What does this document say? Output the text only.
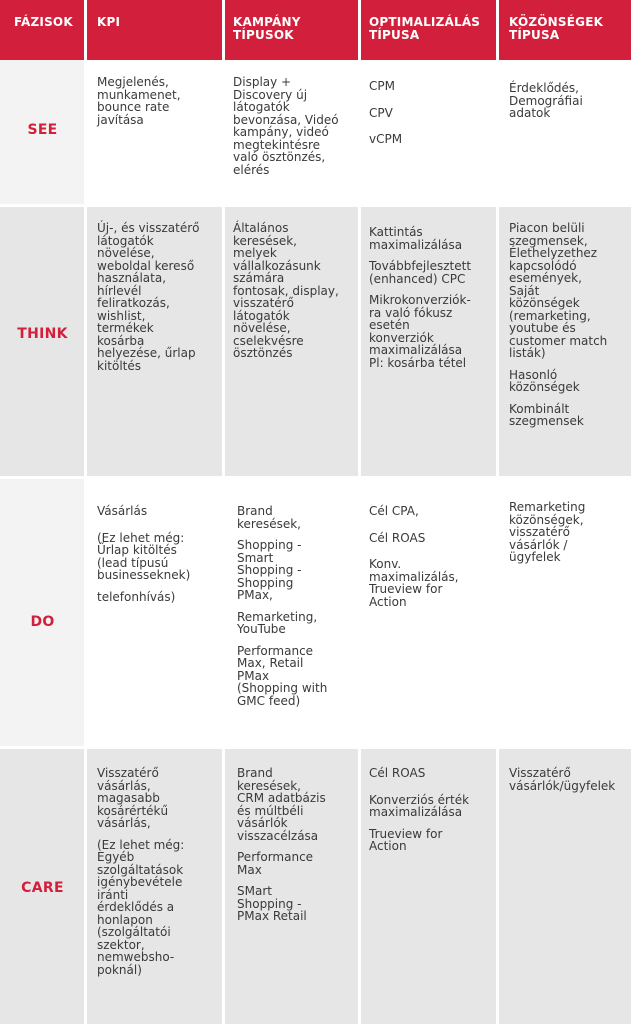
FÁZISOK	KPI	KAMPÁNY
TÍPUSOK
OPTIMALIZÁLÁS
TÍPUSA
KÖZÖNSÉGEK
TÍPUSA
SEE
THINK
DO
CARE

Megjelenés,
munkamenet,
bounce rate
javítása

Display +
Discovery új
látogatók
bevonzása, Videó
kampány, videó
megtekintésre
való ösztönzés,
elérés

CPM

CPV

vCPM

Érdeklődés,
Demográfiai
adatok

Új-, és visszatérő
látogatók
növelése,
weboldal kereső
használata,
hírlevél
feliratkozás,
wishlist,
termékek
kosárba
helyezése, űrlap
kitöltés

Általános
keresések,
melyek
vállalkozásunk
számára
fontosak, display,
visszatérő
látogatók
növelése,
cselekvésre
ösztönzés

Kattintás
maximalizálása

Továbbfejlesztett
(enhanced) CPC

Mikrokonverziók-
ra való fókusz
esetén
konverziók
maximalizálása
Pl: kosárba tétel

Piacon belüli
szegmensek,
Élethelyzethez
kapcsolódó
események,
Saját
közönségek
(remarketing,
youtube és
customer match
listák)

Hasonló
közönségek

Kombinált
szegmensek

Vásárlás

(Ez lehet még:
Űrlap kitöltés
(lead típusú
businesseknek)

telefonhívás)

Brand
keresések,

Shopping -
Smart
Shopping -
Shopping
PMax,

Remarketing,
YouTube

Performance
Max, Retail
PMax
(Shopping with
GMC feed)

Cél CPA,

Cél ROAS

Konv.
maximalizálás,
Trueview for
Action

Remarketing
közönségek,
visszatérő
vásárlók /
ügyfelek

Visszatérő
vásárlás,
magasabb
kosárértékű
vásárlás,

(Ez lehet még:
Egyéb
szolgáltatások
igénybevétele
iránti
érdeklődés a
honlapon
(szolgáltatói
szektor,
nemwebsho-
poknál)

Brand
keresések,
CRM adatbázis
és múltbéli
vásárlók
visszacélzása

Performance
Max

SMart
Shopping -
PMax Retail

Cél ROAS

Konverziós érték
maximalizálása

Trueview for
Action

Visszatérő
vásárlók/ügyfelek
